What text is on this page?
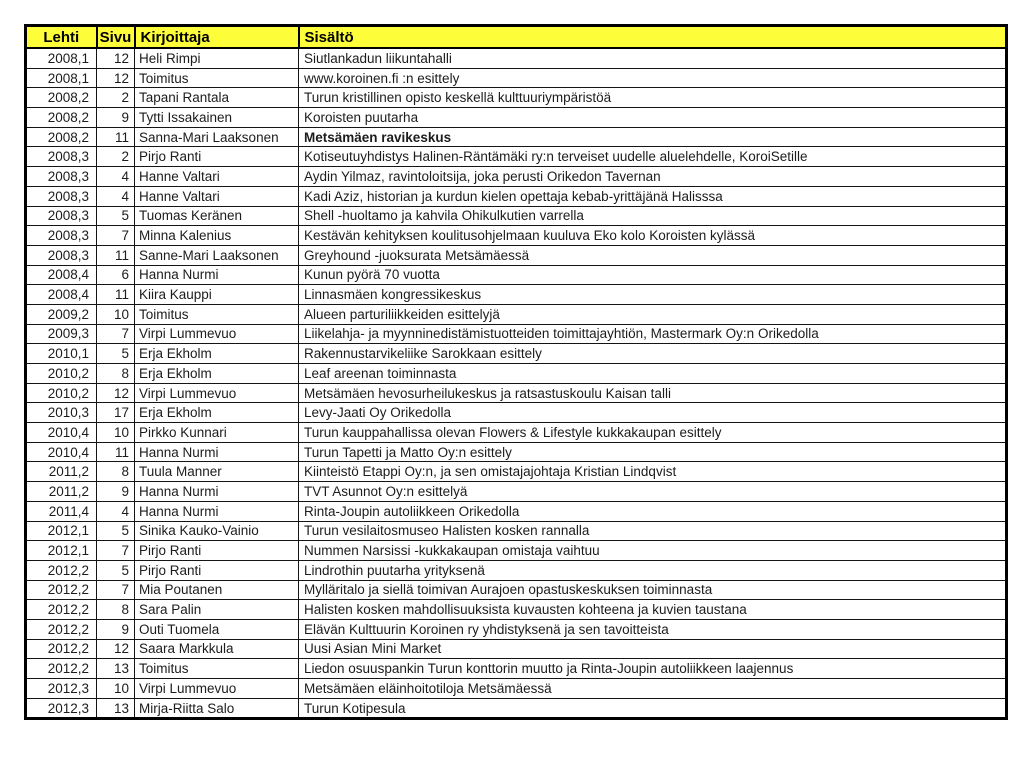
Lehti	Sivu	Kirjoittaja	Sisältö
2008,1	12	Heli Rimpi	Siutlankadun liikuntahalli
2008,1	12	Toimitus	www.koroinen.fi :n esittely
2008,2	2	Tapani Rantala	Turun kristillinen opisto keskellä kulttuuriympäristöä
2008,2	9	Tytti Issakainen	Koroisten puutarha
2008,2	11	Sanna-Mari Laaksonen	Metsämäen ravikeskus
2008,3	2	Pirjo Ranti	Kotiseutuyhdistys Halinen-Räntämäki ry:n terveiset uudelle aluelehdelle, KoroiSetille
2008,3	4	Hanne Valtari	Aydin Yilmaz, ravintoloitsija, joka perusti Orikedon Tavernan
2008,3	4	Hanne Valtari	Kadi Aziz, historian ja kurdun kielen opettaja kebab-yrittäjänä Halisssa
2008,3	5	Tuomas Keränen	Shell -huoltamo ja kahvila Ohikulkutien varrella
2008,3	7	Minna Kalenius	Kestävän kehityksen koulitusohjelmaan kuuluva Eko kolo Koroisten kylässä
2008,3	11	Sanne-Mari Laaksonen	Greyhound -juoksurata Metsämäessä
2008,4	6	Hanna Nurmi	Kunun pyörä 70 vuotta
2008,4	11	Kiira Kauppi	Linnasmäen kongressikeskus
2009,2	10	Toimitus	Alueen parturiliikkeiden esittelyjä
2009,3	7	Virpi Lummevuo	Liikelahja- ja myynninedistämistuotteiden toimittajayhtiön, Mastermark Oy:n Orikedolla
2010,1	5	Erja Ekholm	Rakennustarvikeliike Sarokkaan esittely
2010,2	8	Erja Ekholm	Leaf areenan toiminnasta
2010,2	12	Virpi Lummevuo	Metsämäen hevosurheilukeskus ja ratsastuskoulu Kaisan talli
2010,3	17	Erja Ekholm	Levy-Jaati Oy Orikedolla
2010,4	10	Pirkko Kunnari	Turun kauppahallissa olevan Flowers & Lifestyle kukkakaupan esittely
2010,4	11	Hanna Nurmi	Turun Tapetti ja Matto Oy:n esittely
2011,2	8	Tuula Manner	Kiinteistö Etappi Oy:n, ja sen omistajajohtaja Kristian Lindqvist
2011,2	9	Hanna Nurmi	TVT Asunnot Oy:n esittelyä
2011,4	4	Hanna Nurmi	Rinta-Joupin autoliikkeen Orikedolla
2012,1	5	Sinika Kauko-Vainio	Turun vesilaitosmuseo Halisten kosken rannalla
2012,1	7	Pirjo Ranti	Nummen Narsissi -kukkakaupan omistaja vaihtuu
2012,2	5	Pirjo Ranti	Lindrothin puutarha yrityksenä
2012,2	7	Mia Poutanen	Mylläritalo ja siellä toimivan Aurajoen opastuskeskuksen toiminnasta
2012,2	8	Sara Palin	Halisten kosken mahdollisuuksista kuvausten kohteena ja kuvien taustana
2012,2	9	Outi Tuomela	Elävän Kulttuurin Koroinen ry yhdistyksenä ja sen tavoitteista
2012,2	12	Saara Markkula	Uusi Asian Mini Market
2012,2	13	Toimitus	Liedon osuuspankin Turun konttorin muutto ja Rinta-Joupin autoliikkeen laajennus
2012,3	10	Virpi Lummevuo	Metsämäen eläinhoitotiloja Metsämäessä
2012,3	13	Mirja-Riitta Salo	Turun Kotipesula
